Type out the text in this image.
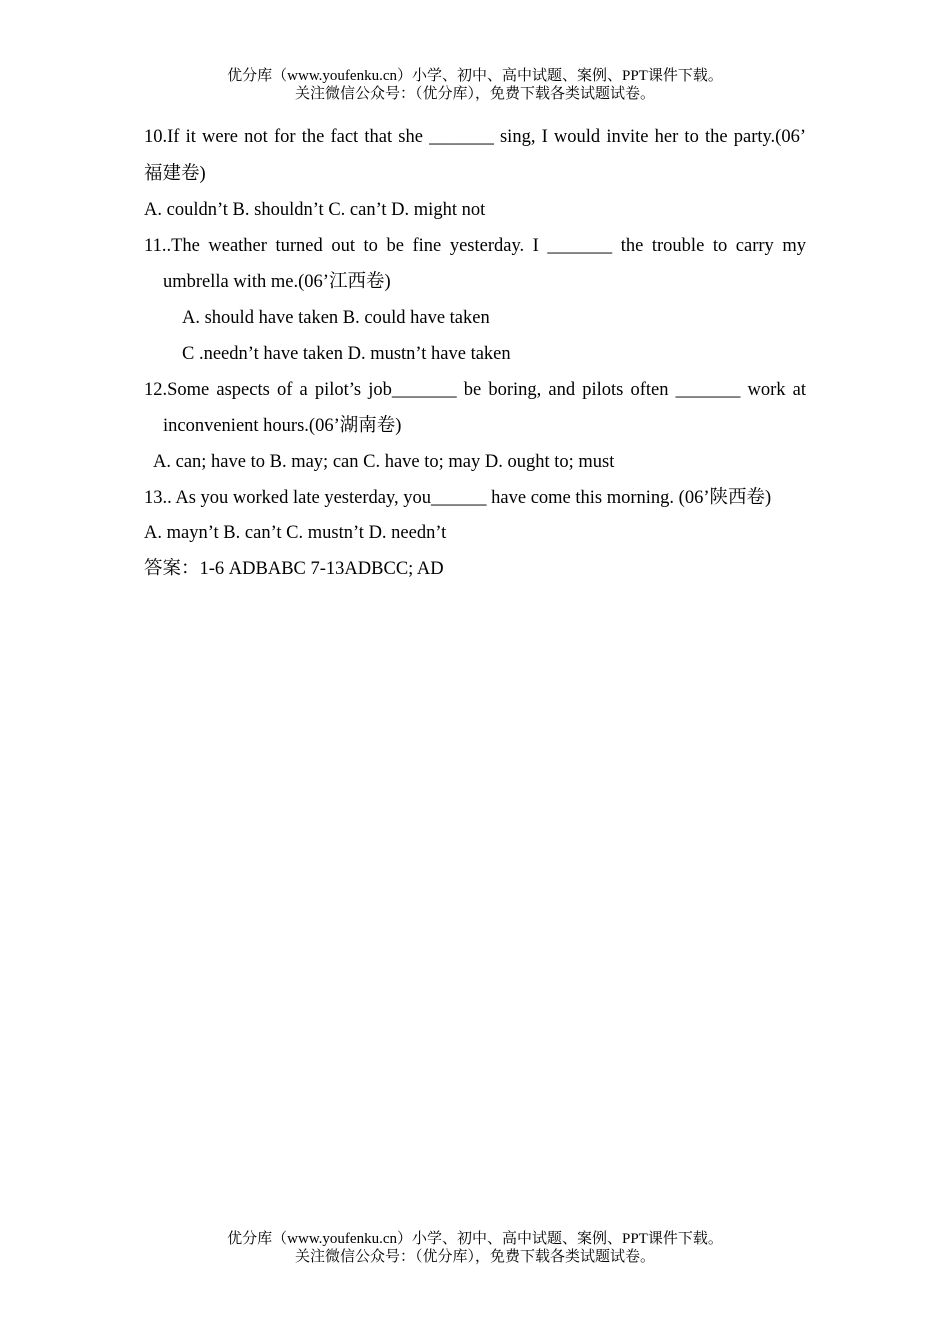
优分库（www.youfenku.cn）小学、初中、高中试题、案例、PPT课件下载。
关注微信公众号：（优分库），免费下载各类试题试卷。
10.If it were not for the fact that she _______ sing, I would invite her to the party.(06’
福建卷)
A. couldn’t B. shouldn’t C. can’t D. might not
11..The weather turned out to be fine yesterday. I _______ the trouble to carry my
umbrella with me.(06’江西卷)
A. should have taken B. could have taken
C .needn’t have taken D. mustn’t have taken
12.Some aspects of a pilot’s job_______ be boring, and pilots often _______ work at
inconvenient hours.(06’湖南卷)
A. can; have to B. may; can C. have to; may D. ought to; must
13.. As you worked late yesterday, you______ have come this morning. (06’陕西卷)
A. mayn’t B. can’t C. mustn’t D. needn’t
答案：1-6 ADBABC 7-13ADBCC; AD
优分库（www.youfenku.cn）小学、初中、高中试题、案例、PPT课件下载。
关注微信公众号：（优分库），免费下载各类试题试卷。
